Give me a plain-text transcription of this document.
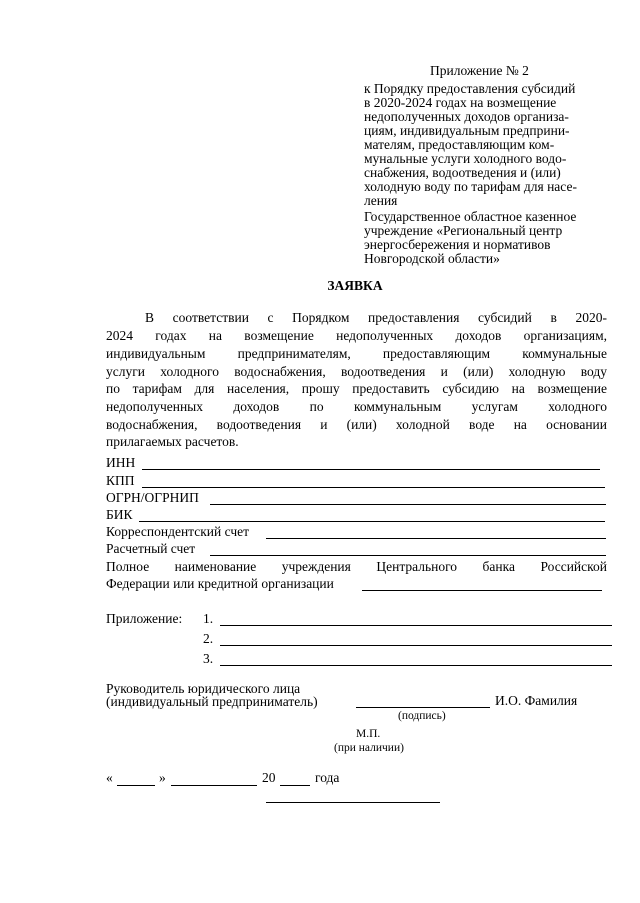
Приложение № 2
к Порядку предоставления субсидий
в 2020-2024 годах на возмещение
недополученных доходов организа-
циям, индивидуальным предприни-
мателям, предоставляющим ком-
мунальные услуги холодного водо-
снабжения, водоотведения и (или)
холодную воду по тарифам для насе-
ления
Государственное областное казенное
учреждение «Региональный центр
энергосбережения и нормативов
Новгородской области»
ЗАЯВКА
В соответствии с Порядком предоставления субсидий в 2020-
2024 годах на возмещение недополученных доходов организациям,
индивидуальным предпринимателям, предоставляющим коммунальные
услуги холодного водоснабжения, водоотведения и (или) холодную воду
по тарифам для населения, прошу предоставить субсидию на возмещение
недополученных доходов по коммунальным услугам холодного
водоснабжения, водоотведения и (или) холодной воде на основании
прилагаемых расчетов.
ИНН
КПП
ОГРН/ОГРНИП
БИК
Корреспондентский счет
Расчетный счет
Полное наименование учреждения Центрального банка Российской
Федерации или кредитной организации
Приложение: 1.
2.
3.
Руководитель юридического лица
(индивидуальный предприниматель)	И.О. Фамилия
(подпись)
М.П.
(при наличии)
«	»	20	года
